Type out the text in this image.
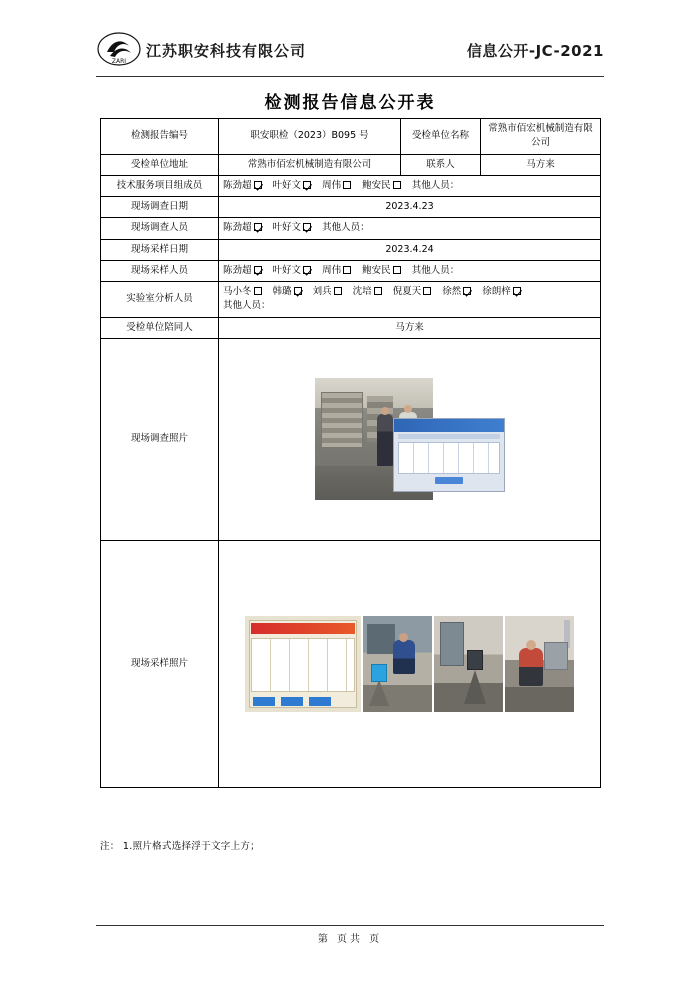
ZARI
江苏职安科技有限公司	信息公开-JC-2021
检测报告信息公开表
检测报告编号	职安职检（2023）B095 号	受检单位名称	常熟市佰宏机械制造有限公司
受检单位地址	常熟市佰宏机械制造有限公司	联系人	马方来
技术服务项目组成员	陈劲超 叶好文 周伟 鲍安民 其他人员：		
现场调查日期	2023.4.23		
现场调查人员	陈劲超 叶好文 其他人员：		
现场采样日期	2023.4.24		
现场采样人员	陈劲超 叶好文 周伟 鲍安民 其他人员：		
实验室分析人员	马小冬 韩璐 刘兵 沈培 倪夏天 徐然 徐朗梓
其他人员：		

受检单位陪同人	马方来		
现场调查照片			

现场采样照片			
注： 1.照片格式选择浮于文字上方；
第 页共 页
